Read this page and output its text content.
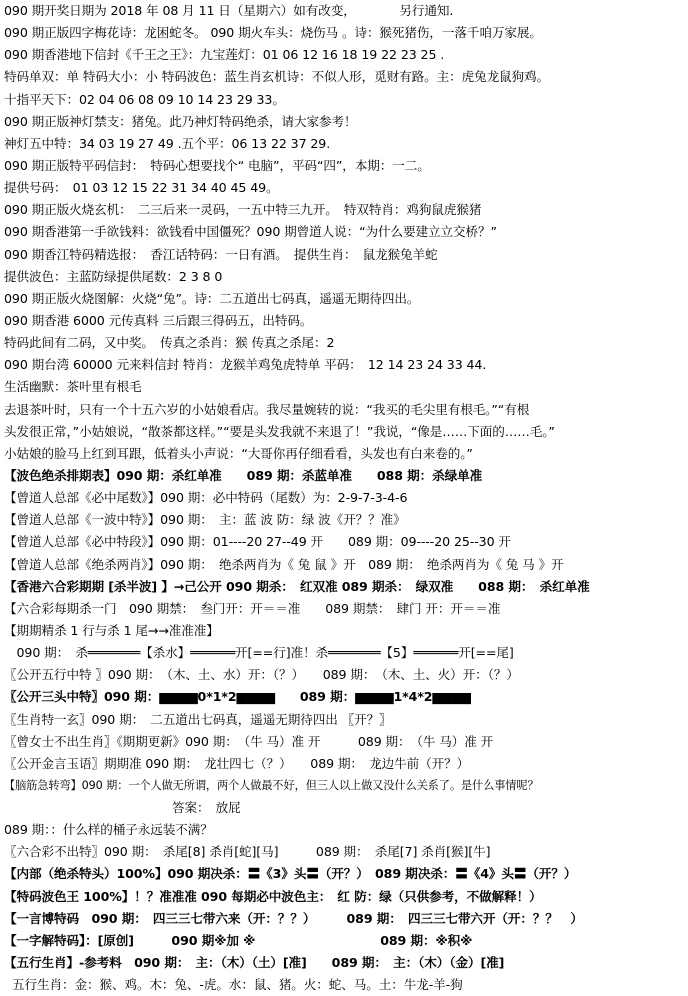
090 期开奖日期为 2018 年 08 月 11 日（星期六）如有改变，　　　　另行通知.
090 期正版四字梅花诗：龙困蛇冬。 090 期火车头：烧伤马 。诗：猴死猪伤，一落千咱万家展。
090 期香港地下信封《千王之王》：九宝莲灯：01 06 12 16 18 19 22 23 25 .
特码单双：单 特码大小：小 特码波色：蓝生肖玄机诗：不似人形，觅财有路。主：虎兔龙鼠狗鸡。
十指平天下：02 04 06 08 09 10 14 23 29 33。
090 期正版神灯禁支：猪兔。此乃神灯特码绝杀，请大家参考！
神灯五中特：34 03 19 27 49 .五个平：06 13 22 37 29.
090 期正版特平码信封：　特码心想要找个“ 电脑”，平码“四”，本期：一二。
提供号码：　01 03 12 15 22 31 34 40 45 49。
090 期正版火烧玄机：　二三后来一灵码，一五中特三九开。　特双特肖：鸡狗鼠虎猴猪
090 期香港第一手欲钱料：欲钱看中国僵死？090 期曾道人说：“为什么要建立立交桥？”
090 期香江特码精选报：　香江话特码：一日有酒。　提供生肖：　鼠龙猴兔羊蛇
提供波色：主蓝防绿提供尾数：2 3 8 0
090 期正版火烧图解：火烧“兔”。诗：二五道出七码真，遥遥无期待四出。
090 期香港 6000 元传真料 三后跟三得码五，出特码。
特码此间有二码，又中奖。　传真之杀肖：猴 传真之杀尾：2
090 期台湾 60000 元来料信封 特肖：龙猴羊鸡兔虎特单 平码：　12 14 23 24 33 44.
生活幽默：茶叶里有根毛
去退茶叶时，只有一个十五六岁的小姑娘看店。我尽量婉转的说：“我买的毛尖里有根毛。”“有根
头发很正常，”小姑娘说，“散茶都这样。”“要是头发我就不来退了！”我说，“像是……下面的……毛。”
小姑娘的脸马上红到耳跟，低着头小声说：“大哥你再仔细看看，头发也有白来卷的。”
【波色绝杀排期表】090 期：杀红单准　　089 期：杀蓝单准　　088 期：杀绿单准
【曾道人总部《必中尾数》】090 期：必中特码（尾数）为：2-9-7-3-4-6
【曾道人总部《一波中特》】090 期：　主：蓝 波 防：绿 波《开？？准》
【曾道人总部《必中特段》】090 期：01----20 27--49 开　　089 期：09----20 25--30 开
【曾道人总部《绝杀两肖》】090 期：　绝杀两肖为《 兔 鼠 》开　089 期：　绝杀两肖为《 兔 马 》开
【香港六合彩期期 [杀半波] 】→己公开 090 期杀：　红双准 089 期杀：　绿双准　　088 期：　杀红单准
【六合彩每期杀一门　090 期禁：　叁门开：开＝＝准　　089 期禁：　肆门 开：开＝＝准
【期期精杀 1 行与杀 1 尾→→准准准】
　090 期：　杀═══════【杀水】══════开[==行]准！杀═══════【5】══════开[==尾]
〖公开五行中特 〗090 期：　（木、土、水）开：（？）　　089 期：　（木、土、火）开：（？）
〖公开三头中特〗090 期：▆▆▆▆0*1*2▆▆▆▆　　089 期：▆▆▆▆1*4*2▆▆▆▆
〖生肖特一玄〗090 期：　二五道出七码真，遥遥无期待四出 〖开？〗
〖曾女士不出生肖〗《期期更新》090 期：　（牛 马）准 开　　　089 期：　（牛 马）准 开
〖公开金言玉语〗期期准 090 期：　龙壮四七（？）　　089 期：　龙边牛前（开？）
【脑筋急转弯】090 期：一个人做无所谓，两个人做最不好，但三人以上做又没什么关系了。是什么事情呢？
答案：　放屁
089 期：：什么样的桶子永远装不满？
〖六合彩不出特〗090 期：　杀尾[8] 杀肖[蛇][马]　　　089 期：　杀尾[7] 杀肖[猴][牛]
【内部（绝杀特头）100%】090 期决杀：〓《3》头〓（开？）　089 期决杀：〓《4》头〓（开？）
【特码波色王 100%】！？准准准 090 每期必中波色主：　红 防：绿（只供参考，不做解释！）
【一言博特码　090 期：　四三三七带六来（开：？？）　　　089 期：　四三三七带六开（开：？？　）
【一字解特码】：[原创]　　　090 期※加 ※　　　　　　　　　　089 期：※积※
【五行生肖】-参考料　090 期：　主：（木）（土）[准]　　089 期：　主：（木）（金）[准]
五行生肖：金：猴、鸡。木：兔、-虎。水：鼠、猪。火：蛇、马。土：牛龙-羊-狗
